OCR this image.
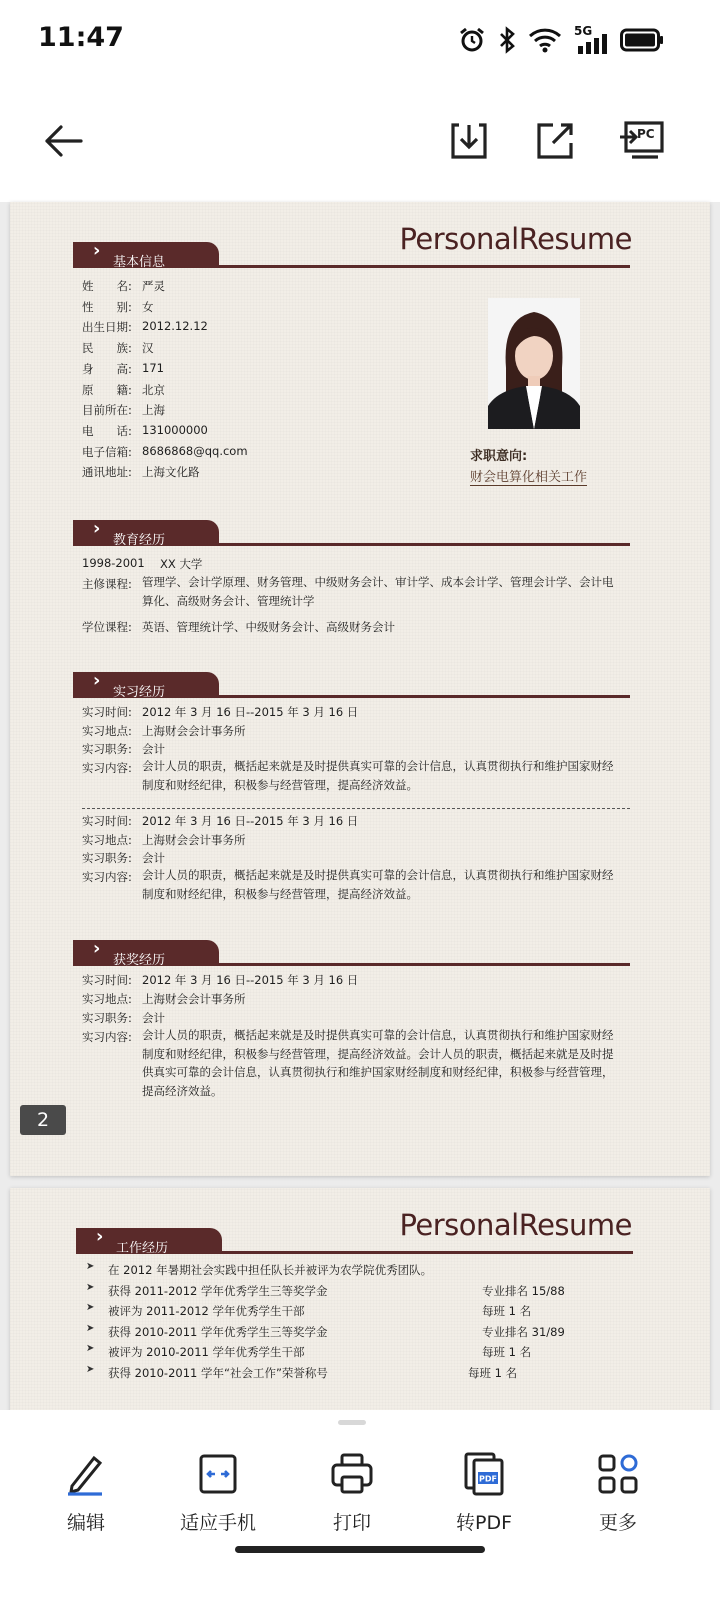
11:47	5G
PC
PersonalResume
›
基本信息
姓　　名: 严灵
性　　别: 女
出生日期: 2012.12.12
民　　族: 汉
身　　高: 171
原　　籍: 北京
目前所在: 上海
电　　话: 131000000
电子信箱: 8686868@qq.com
通讯地址: 上海文化路
求职意向:
财会电算化相关工作
›
教育经历
1998-2001 XX 大学
主修课程: 管理学、会计学原理、财务管理、中级财务会计、审计学、成本会计学、管理会计学、会计电算化、高级财务会计、管理统计学
学位课程: 英语、管理统计学、中级财务会计、高级财务会计
›
实习经历
实习时间: 2012 年 3 月 16 日--2015 年 3 月 16 日
实习地点: 上海财会会计事务所
实习职务: 会计
实习内容: 会计人员的职责，概括起来就是及时提供真实可靠的会计信息，认真贯彻执行和维护国家财经制度和财经纪律，积极参与经营管理，提高经济效益。
实习时间: 2012 年 3 月 16 日--2015 年 3 月 16 日
实习地点: 上海财会会计事务所
实习职务: 会计
实习内容: 会计人员的职责，概括起来就是及时提供真实可靠的会计信息，认真贯彻执行和维护国家财经制度和财经纪律，积极参与经营管理，提高经济效益。
›
获奖经历
实习时间: 2012 年 3 月 16 日--2015 年 3 月 16 日
实习地点: 上海财会会计事务所
实习职务: 会计
实习内容: 会计人员的职责，概括起来就是及时提供真实可靠的会计信息，认真贯彻执行和维护国家财经制度和财经纪律，积极参与经营管理，提高经济效益。会计人员的职责，概括起来就是及时提供真实可靠的会计信息，认真贯彻执行和维护国家财经制度和财经纪律，积极参与经营管理，提高经济效益。
2
PersonalResume
›
工作经历
➤ 在 2012 年暑期社会实践中担任队长并被评为农学院优秀团队。
➤ 获得 2011-2012 学年优秀学生三等奖学金	专业排名 15/88
➤ 被评为 2011-2012 学年优秀学生干部	每班 1 名
➤ 获得 2010-2011 学年优秀学生三等奖学金	专业排名 31/89
➤ 被评为 2010-2011 学年优秀学生干部	每班 1 名
➤ 获得 2010-2011 学年“社会工作”荣誉称号	每班 1 名
编辑	适应手机	打印
PDF
转PDF	更多
